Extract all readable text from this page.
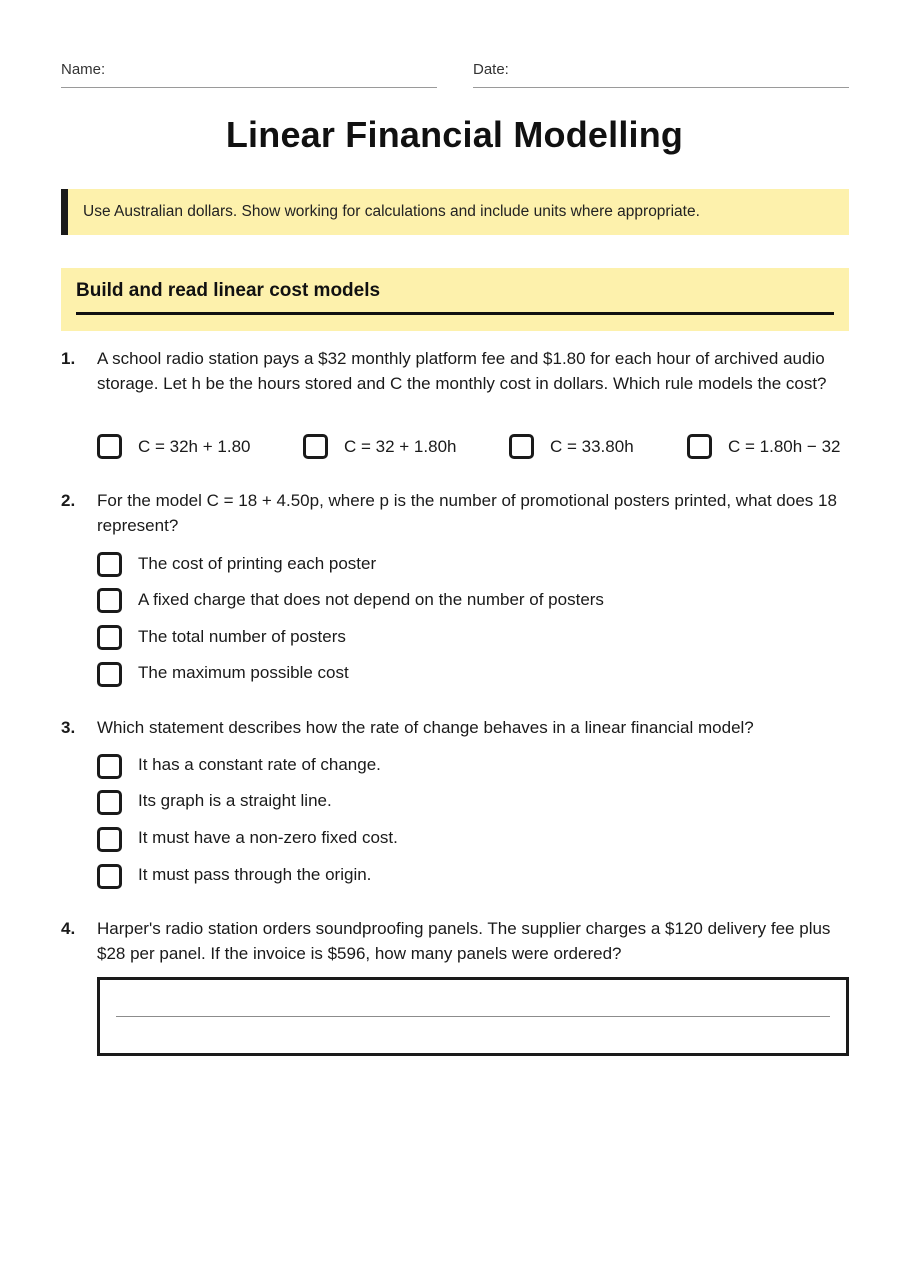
Name:	Date:
Linear Financial Modelling
Use Australian dollars. Show working for calculations and include units where appropriate.
Build and read linear cost models
1. A school radio station pays a $32 monthly platform fee and $1.80 for each hour of archived audio storage. Let h be the hours stored and C the monthly cost in dollars. Which rule models the cost?
C = 32h + 1.80	C = 32 + 1.80h	C = 33.80h	C = 1.80h − 32
2. For the model C = 18 + 4.50p, where p is the number of promotional posters printed, what does 18 represent?
The cost of printing each poster
A fixed charge that does not depend on the number of posters
The total number of posters
The maximum possible cost
3. Which statement describes how the rate of change behaves in a linear financial model?
It has a constant rate of change.
Its graph is a straight line.
It must have a non-zero fixed cost.
It must pass through the origin.
4. Harper's radio station orders soundproofing panels. The supplier charges a $120 delivery fee plus $28 per panel. If the invoice is $596, how many panels were ordered?
